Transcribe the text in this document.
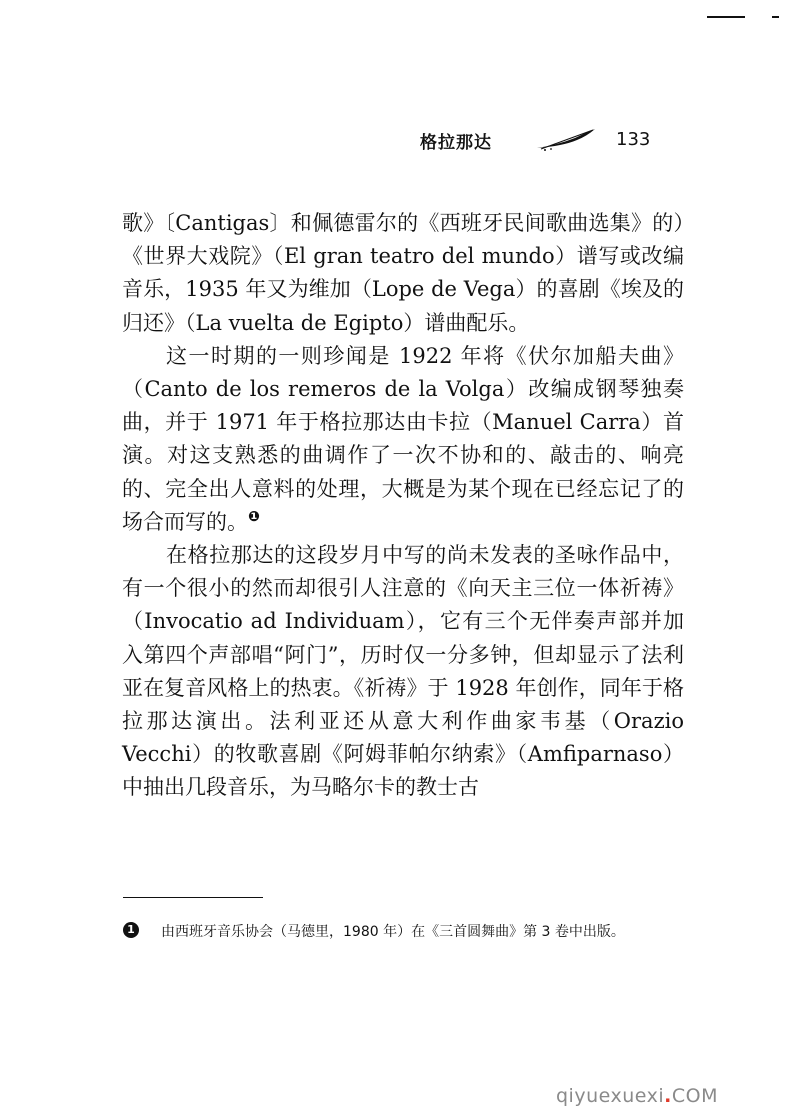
格拉那达	133

歌》〔Cantigas〕和佩德雷尔的《西班牙民间歌曲选集》的）《世界大戏院》（El gran teatro del mundo）谱写或改编音乐，1935 年又为维加（Lope de Vega）的喜剧《埃及的归还》（La vuelta de Egipto）谱曲配乐。

这一时期的一则珍闻是 1922 年将《伏尔加船夫曲》（Canto de los remeros de la Volga）改编成钢琴独奏曲，并于 1971 年于格拉那达由卡拉（Manuel Carra）首演。对这支熟悉的曲调作了一次不协和的、敲击的、响亮的、完全出人意料的处理，大概是为某个现在已经忘记了的场合而写的。$^❶$

在格拉那达的这段岁月中写的尚未发表的圣咏作品中，有一个很小的然而却很引人注意的《向天主三位一体祈祷》（Invocatio ad Individuam），它有三个无伴奏声部并加入第四个声部唱“阿门”，历时仅一分多钟，但却显示了法利亚在复音风格上的热衷。《祈祷》于 1928 年创作，同年于格拉那达演出。法利亚还从意大利作曲家韦基（Orazio Vecchi）的牧歌喜剧《阿姆菲帕尔纳索》（Amfiparnaso）中抽出几段音乐，为马略尔卡的教士古

1 由西班牙音乐协会（马德里，1980 年）在《三首圆舞曲》第 3 卷中出版。
qiyuexuexi.COM
